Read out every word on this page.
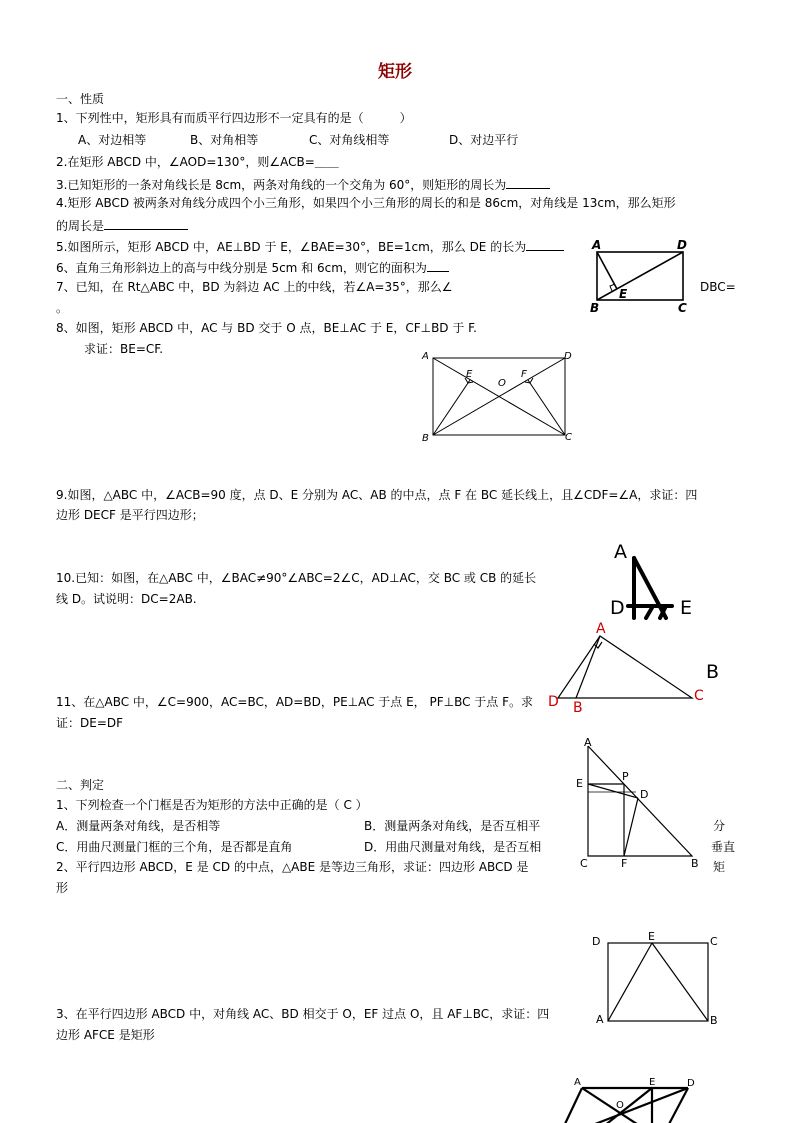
矩形
一、性质
1、下列性中，矩形具有而质平行四边形不一定具有的是（　　　）
A、对边相等	B、对角相等	C、对角线相等	D、对边平行
2.在矩形 ABCD 中，∠AOD=130°，则∠ACB=＿＿
3.已知矩形的一条对角线长是 8cm，两条对角线的一个交角为 60°，则矩形的周长为
4.矩形 ABCD 被两条对角线分成四个小三角形，如果四个小三角形的周长的和是 86cm，对角线是 13cm，那么矩形
的周长是
5.如图所示，矩形 ABCD 中，AE⊥BD 于 E，∠BAE=30°，BE=1cm，那么 DE 的长为
6、直角三角形斜边上的高与中线分别是 5cm 和 6cm，则它的面积为
7、已知，在 Rt△ABC 中，BD 为斜边 AC 上的中线，若∠A=35°，那么∠	DBC=
。
8、如图，矩形 ABCD 中，AC 与 BD 交于 O 点，BE⊥AC 于 E，CF⊥BD 于 F.
求证：BE=CF.
9.如图，△ABC 中，∠ACB=90 度，点 D、E 分别为 AC、AB 的中点，点 F 在 BC 延长线上，且∠CDF=∠A，求证：四
边形 DECF 是平行四边形；
10.已知：如图，在△ABC 中，∠BAC≠90°∠ABC=2∠C，AD⊥AC，交 BC 或 CB 的延长
线 D。试说明：DC=2AB.
11、在△ABC 中，∠C=900，AC=BC，AD=BD，PE⊥AC 于点 E， PF⊥BC 于点 F。求
证：DE=DF
二、判定
1、下列检查一个门框是否为矩形的方法中正确的是（ C ）
A．测量两条对角线，是否相等	B．测量两条对角线，是否互相平	分
C．用曲尺测量门框的三个角，是否都是直角	D．用曲尺测量对角线，是否互相	垂直
2、平行四边形 ABCD，E 是 CD 的中点，△ABE 是等边三角形，求证：四边形 ABCD 是	矩
形
3、在平行四边形 ABCD 中，对角线 AC、BD 相交于 O，EF 过点 O，且 AF⊥BC，求证：四
边形 AFCE 是矩形
A	D
B	C
E
A	D
B	C
E	F
O
A
D	E
A
C
D B
B
A
E
P
D
C	F	B
D	E	C
A	B
A	E	D
O
